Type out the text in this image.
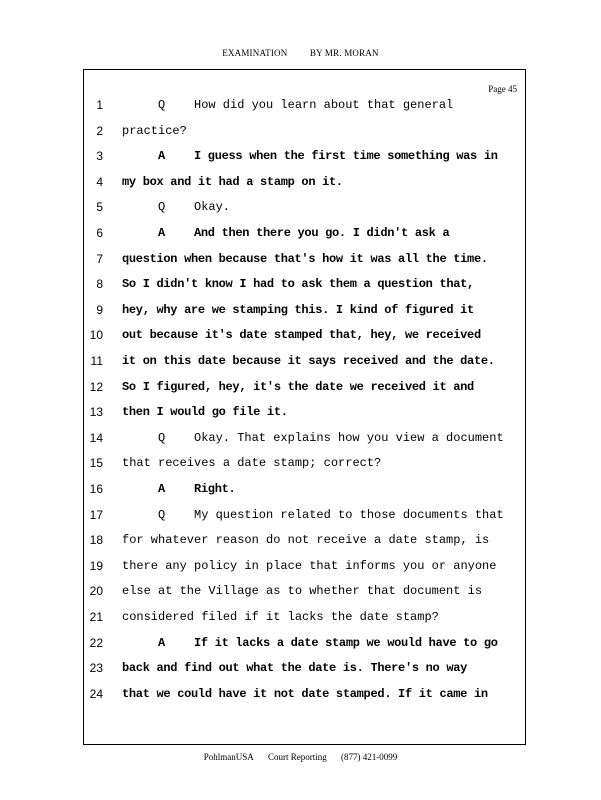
EXAMINATION BY MR. MORAN
Page 45
1	Q How did you learn about that general
2 practice?
3	A I guess when the first time something was in
4 my box and it had a stamp on it.
5	Q Okay.
6	A And then there you go. I didn't ask a
7 question when because that's how it was all the time.
8 So I didn't know I had to ask them a question that,
9 hey, why are we stamping this. I kind of figured it
10 out because it's date stamped that, hey, we received
11 it on this date because it says received and the date.
12 So I figured, hey, it's the date we received it and
13 then I would go file it.
14	Q Okay. That explains how you view a document
15 that receives a date stamp; correct?
16	A Right.
17	Q My question related to those documents that
18 for whatever reason do not receive a date stamp, is
19 there any policy in place that informs you or anyone
20 else at the Village as to whether that document is
21 considered filed if it lacks the date stamp?
22	A If it lacks a date stamp we would have to go
23 back and find out what the date is. There's no way
24 that we could have it not date stamped. If it came in
PohlmanUSA Court Reporting (877) 421-0099
